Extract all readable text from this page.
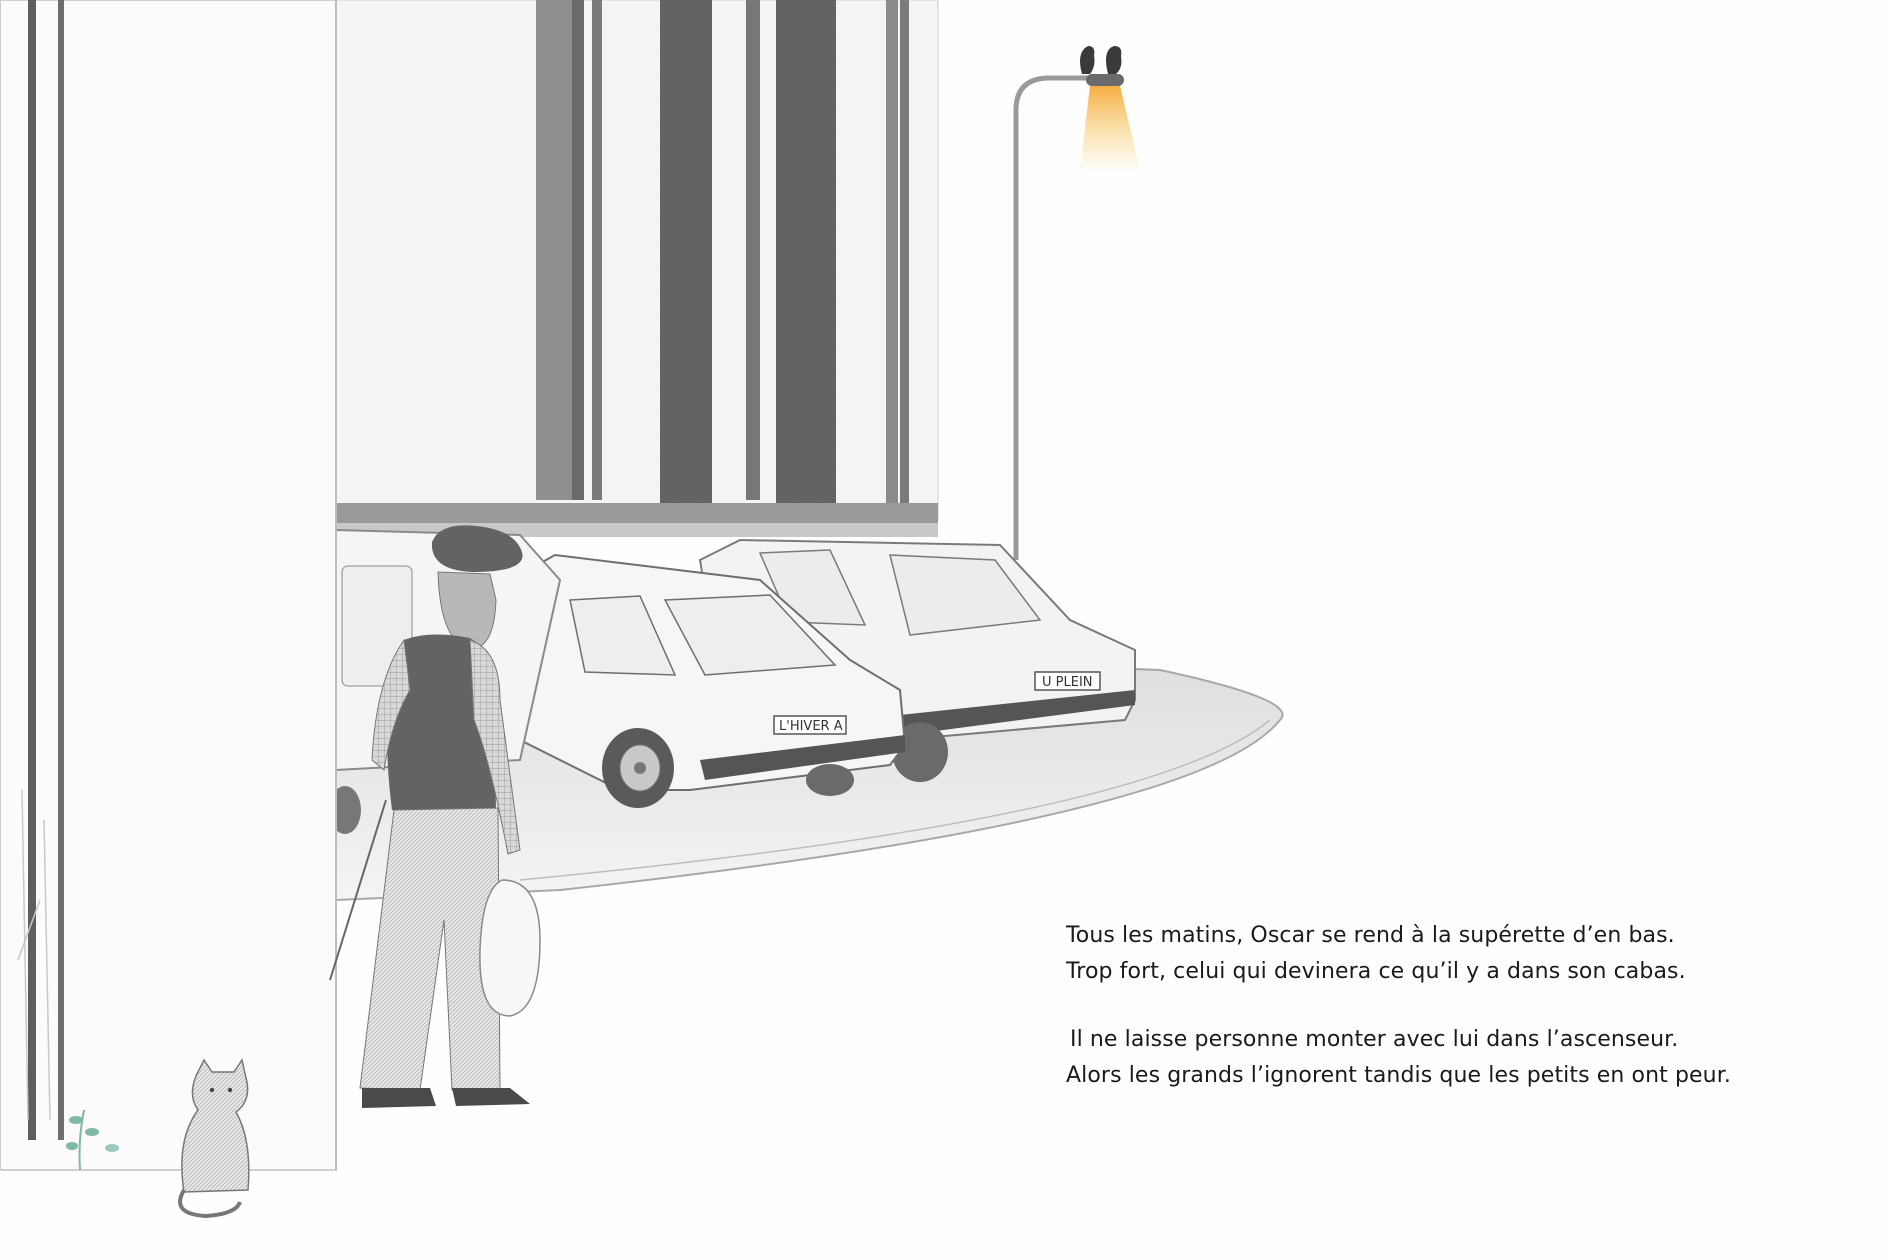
U PLEIN
L'HIVER A

Tous les matins, Oscar se rend à la supérette d’en bas.

Trop fort, celui qui devinera ce qu’il y a dans son cabas.

Il ne laisse personne monter avec lui dans l’ascenseur.

Alors les grands l’ignorent tandis que les petits en ont peur.
